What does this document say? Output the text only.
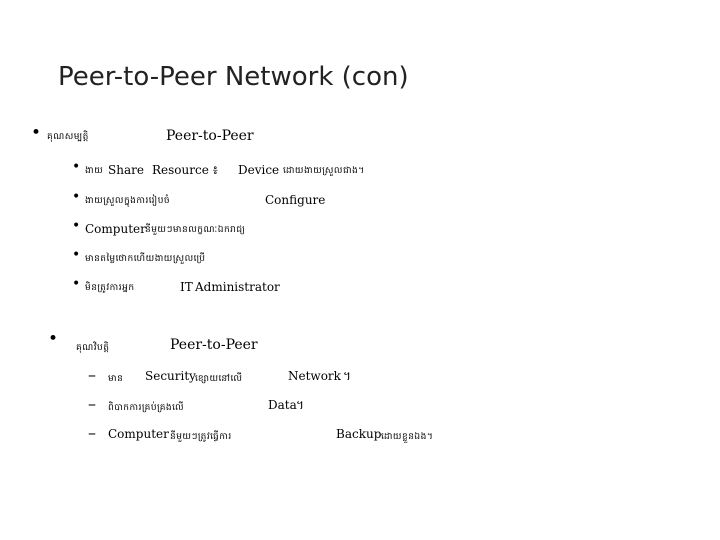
Peer-to-Peer Network (con)
• គុណសម្បត្តិ	Peer-to-Peer
• ងាយ Share Resource ៖ Device ដោយងាយស្រួលជាង។
• ងាយស្រួលក្នុងការរៀបចំ	Configure
• Computer នីមួយៗមានលក្ខណៈឯករាជ្យ
• មានតម្លៃថោកហើយងាយស្រួលប្រើ
• មិនត្រូវការអ្នក	IT Administrator
• គុណវិបត្តិ	Peer-to-Peer
– មាន Security ខ្សោយនៅលើ	Network ។
– ពិបាកការគ្រប់គ្រងលើ	Data ។
– Computer នីមួយៗត្រូវធ្វើការ	Backup ដោយខ្លួនឯង។
